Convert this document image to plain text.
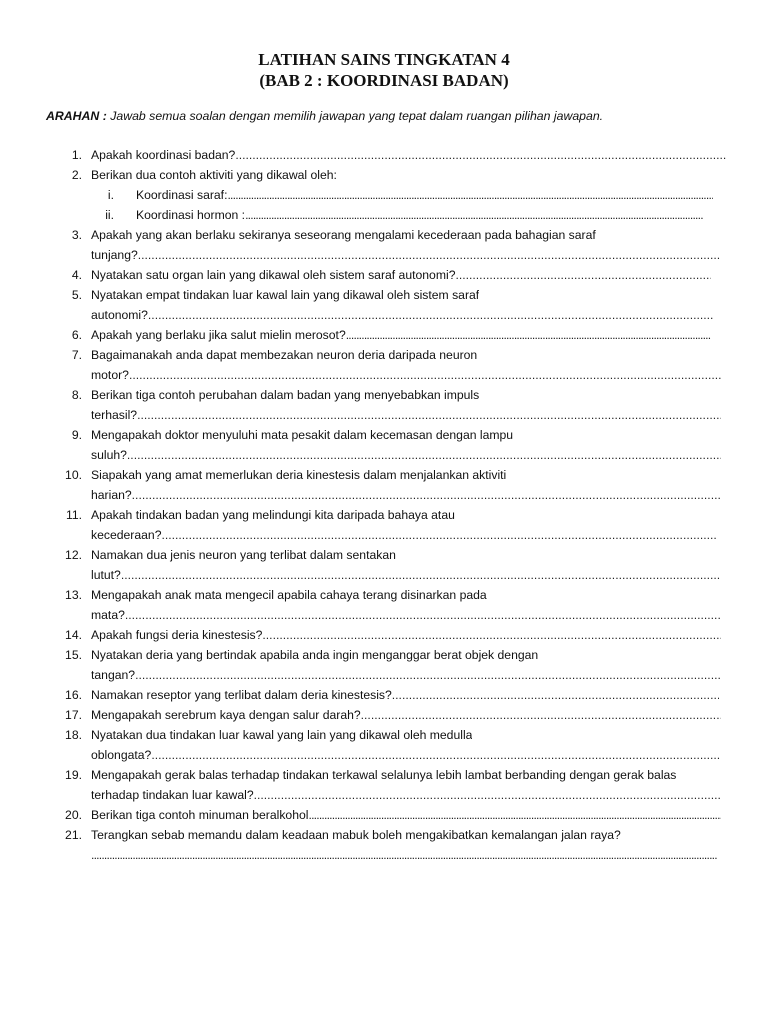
LATIHAN SAINS TINGKATAN 4
(BAB 2 : KOORDINASI BADAN)
ARAHAN : Jawab semua soalan dengan memilih jawapan yang tepat dalam ruangan pilihan jawapan.
1. Apakah koordinasi badan?
.....
2. Berikan dua contoh aktiviti yang dikawal oleh:
i. Koordinasi saraf:
.....
ii. Koordinasi hormon :
.....
3. Apakah yang akan berlaku sekiranya seseorang mengalami kecederaan pada bahagian saraf
tunjang?
.....
4. Nyatakan satu organ lain yang dikawal oleh sistem saraf autonomi?
.....
5. Nyatakan empat tindakan luar kawal lain yang dikawal oleh sistem saraf
autonomi?
.....
6. Apakah yang berlaku jika salut mielin merosot?
.....
7. Bagaimanakah anda dapat membezakan neuron deria daripada neuron
motor?
.....
8. Berikan tiga contoh perubahan dalam badan yang menyebabkan impuls
terhasil?
.....
9. Mengapakah doktor menyuluhi mata pesakit dalam kecemasan dengan lampu
suluh?
.....
10. Siapakah yang amat memerlukan deria kinestesis dalam menjalankan aktiviti
harian?
.....
11. Apakah tindakan badan yang melindungi kita daripada bahaya atau
kecederaan?
.....
12. Namakan dua jenis neuron yang terlibat dalam sentakan
lutut?
.....
13. Mengapakah anak mata mengecil apabila cahaya terang disinarkan pada
mata?
.....
14. Apakah fungsi deria kinestesis?
.....
15. Nyatakan deria yang bertindak apabila anda ingin menganggar berat objek dengan
tangan?
.....
16. Namakan reseptor yang terlibat dalam deria kinestesis?
.....
17. Mengapakah serebrum kaya dengan salur darah?
.....
18. Nyatakan dua tindakan luar kawal yang lain yang dikawal oleh medulla
oblongata?
.....
19. Mengapakah gerak balas terhadap tindakan terkawal selalunya lebih lambat berbanding dengan gerak balas
terhadap tindakan luar kawal?
.....
20. Berikan tiga contoh minuman beralkohol
.....
21. Terangkan sebab memandu dalam keadaan mabuk boleh mengakibatkan kemalangan jalan raya?
.....
